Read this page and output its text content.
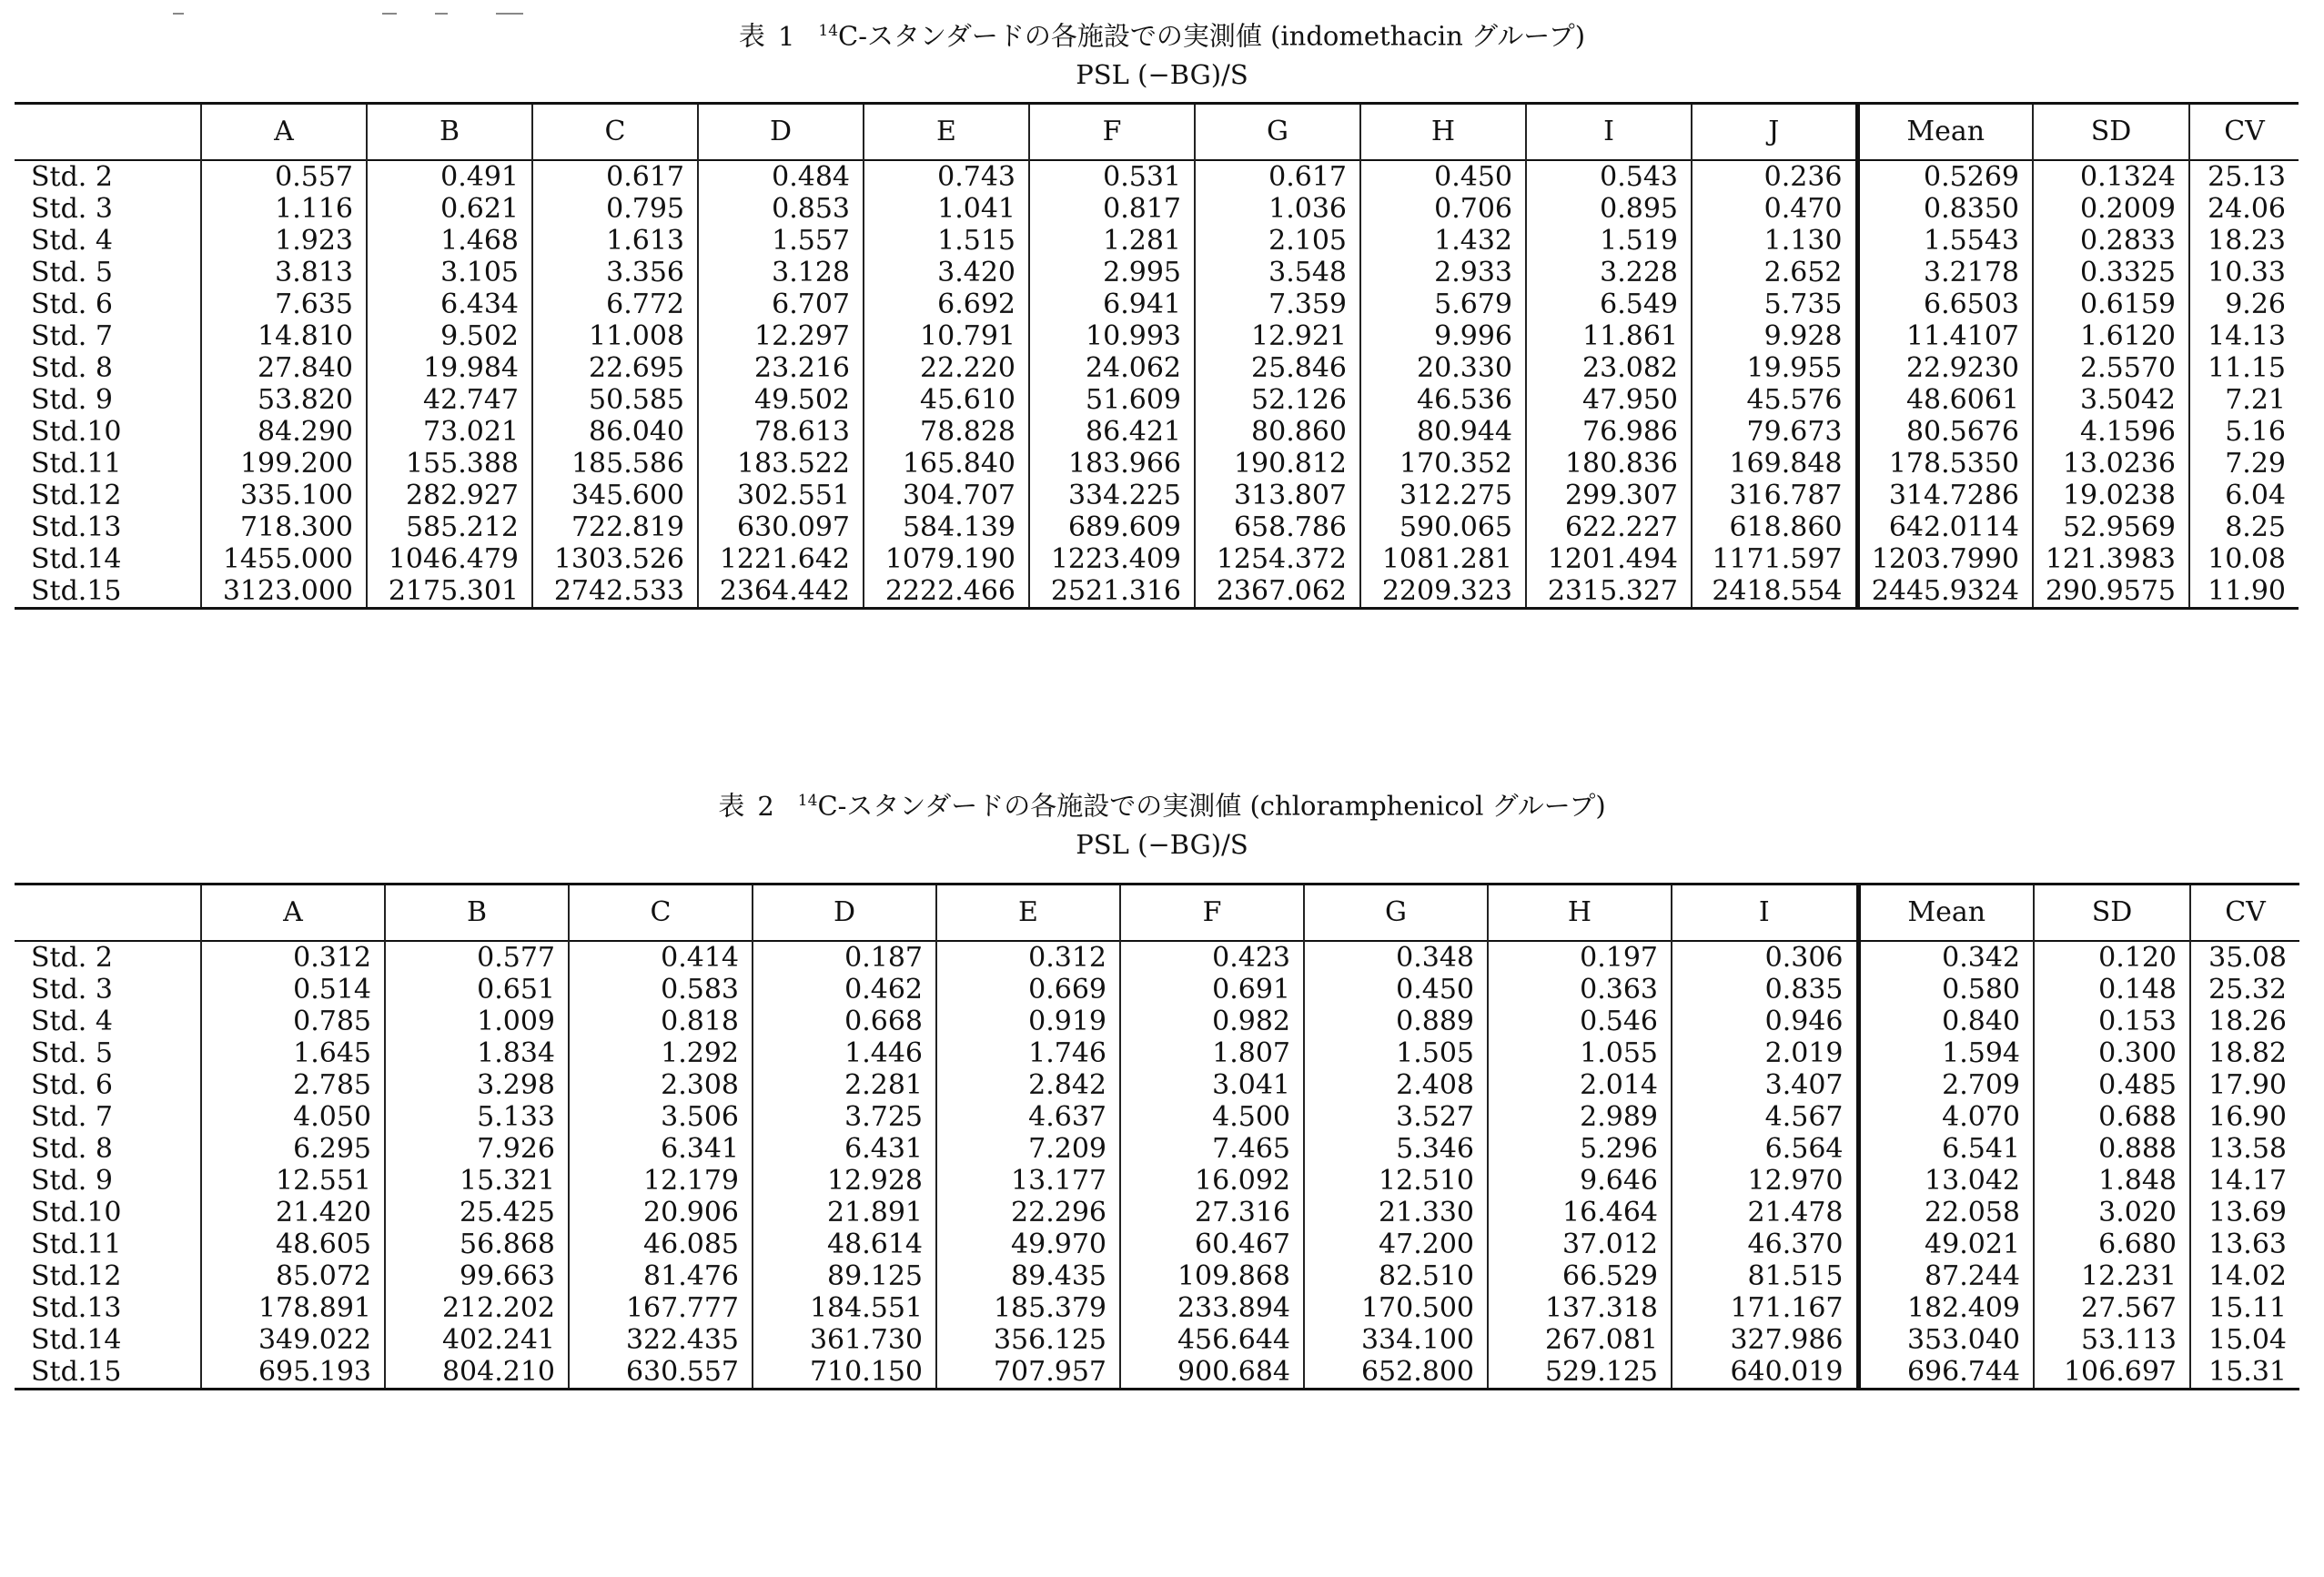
表 1 $^{14}$C-スタンダードの各施設での実測値 (indomethacin グループ)
PSL (−BG)/S
	A	B	C	D	E	F	G	H	I	J	Mean	SD	CV
Std. 2	0.557	0.491	0.617	0.484	0.743	0.531	0.617	0.450	0.543	0.236	0.5269	0.1324	25.13
Std. 3	1.116	0.621	0.795	0.853	1.041	0.817	1.036	0.706	0.895	0.470	0.8350	0.2009	24.06
Std. 4	1.923	1.468	1.613	1.557	1.515	1.281	2.105	1.432	1.519	1.130	1.5543	0.2833	18.23
Std. 5	3.813	3.105	3.356	3.128	3.420	2.995	3.548	2.933	3.228	2.652	3.2178	0.3325	10.33
Std. 6	7.635	6.434	6.772	6.707	6.692	6.941	7.359	5.679	6.549	5.735	6.6503	0.6159	9.26
Std. 7	14.810	9.502	11.008	12.297	10.791	10.993	12.921	9.996	11.861	9.928	11.4107	1.6120	14.13
Std. 8	27.840	19.984	22.695	23.216	22.220	24.062	25.846	20.330	23.082	19.955	22.9230	2.5570	11.15
Std. 9	53.820	42.747	50.585	49.502	45.610	51.609	52.126	46.536	47.950	45.576	48.6061	3.5042	7.21
Std.10	84.290	73.021	86.040	78.613	78.828	86.421	80.860	80.944	76.986	79.673	80.5676	4.1596	5.16
Std.11	199.200	155.388	185.586	183.522	165.840	183.966	190.812	170.352	180.836	169.848	178.5350	13.0236	7.29
Std.12	335.100	282.927	345.600	302.551	304.707	334.225	313.807	312.275	299.307	316.787	314.7286	19.0238	6.04
Std.13	718.300	585.212	722.819	630.097	584.139	689.609	658.786	590.065	622.227	618.860	642.0114	52.9569	8.25
Std.14	1455.000	1046.479	1303.526	1221.642	1079.190	1223.409	1254.372	1081.281	1201.494	1171.597	1203.7990	121.3983	10.08
Std.15	3123.000	2175.301	2742.533	2364.442	2222.466	2521.316	2367.062	2209.323	2315.327	2418.554	2445.9324	290.9575	11.90
表 2 $^{14}$C-スタンダードの各施設での実測値 (chloramphenicol グループ)
PSL (−BG)/S
	A	B	C	D	E	F	G	H	I	Mean	SD	CV
Std. 2	0.312	0.577	0.414	0.187	0.312	0.423	0.348	0.197	0.306	0.342	0.120	35.08
Std. 3	0.514	0.651	0.583	0.462	0.669	0.691	0.450	0.363	0.835	0.580	0.148	25.32
Std. 4	0.785	1.009	0.818	0.668	0.919	0.982	0.889	0.546	0.946	0.840	0.153	18.26
Std. 5	1.645	1.834	1.292	1.446	1.746	1.807	1.505	1.055	2.019	1.594	0.300	18.82
Std. 6	2.785	3.298	2.308	2.281	2.842	3.041	2.408	2.014	3.407	2.709	0.485	17.90
Std. 7	4.050	5.133	3.506	3.725	4.637	4.500	3.527	2.989	4.567	4.070	0.688	16.90
Std. 8	6.295	7.926	6.341	6.431	7.209	7.465	5.346	5.296	6.564	6.541	0.888	13.58
Std. 9	12.551	15.321	12.179	12.928	13.177	16.092	12.510	9.646	12.970	13.042	1.848	14.17
Std.10	21.420	25.425	20.906	21.891	22.296	27.316	21.330	16.464	21.478	22.058	3.020	13.69
Std.11	48.605	56.868	46.085	48.614	49.970	60.467	47.200	37.012	46.370	49.021	6.680	13.63
Std.12	85.072	99.663	81.476	89.125	89.435	109.868	82.510	66.529	81.515	87.244	12.231	14.02
Std.13	178.891	212.202	167.777	184.551	185.379	233.894	170.500	137.318	171.167	182.409	27.567	15.11
Std.14	349.022	402.241	322.435	361.730	356.125	456.644	334.100	267.081	327.986	353.040	53.113	15.04
Std.15	695.193	804.210	630.557	710.150	707.957	900.684	652.800	529.125	640.019	696.744	106.697	15.31
